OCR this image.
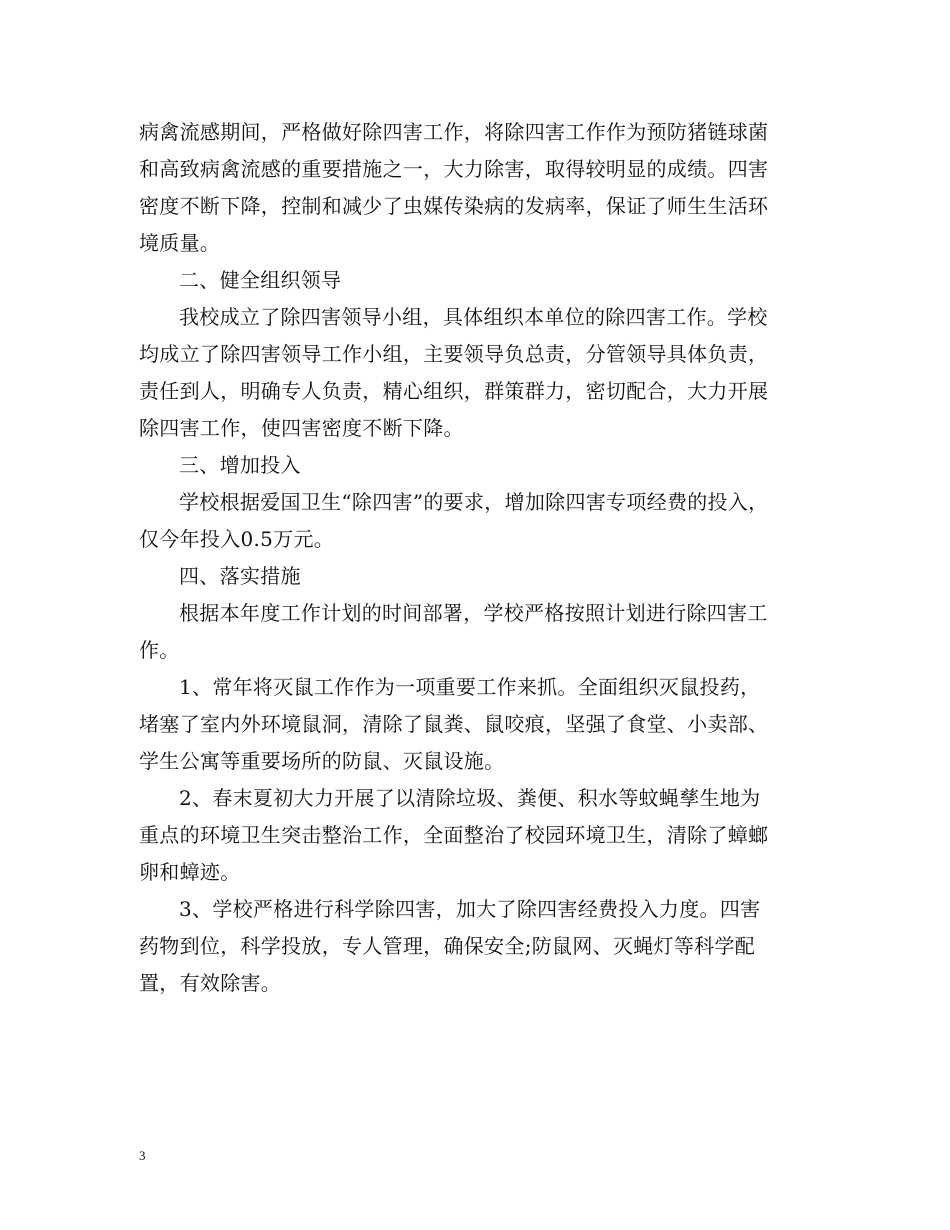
病禽流感期间，严格做好除四害工作，将除四害工作作为预防猪链球菌
和高致病禽流感的重要措施之一，大力除害，取得较明显的成绩。四害
密度不断下降，控制和减少了虫媒传染病的发病率，保证了师生生活环
境质量。
二、健全组织领导
我校成立了除四害领导小组，具体组织本单位的除四害工作。学校
均成立了除四害领导工作小组，主要领导负总责，分管领导具体负责，
责任到人，明确专人负责，精心组织，群策群力，密切配合，大力开展
除四害工作，使四害密度不断下降。
三、增加投入
学校根据爱国卫生“除四害”的要求，增加除四害专项经费的投入，
仅今年投入0.5万元。
四、落实措施
根据本年度工作计划的时间部署，学校严格按照计划进行除四害工
作。
1、常年将灭鼠工作作为一项重要工作来抓。全面组织灭鼠投药，
堵塞了室内外环境鼠洞，清除了鼠粪、鼠咬痕，坚强了食堂、小卖部、
学生公寓等重要场所的防鼠、灭鼠设施。
2、春末夏初大力开展了以清除垃圾、粪便、积水等蚊蝇孳生地为
重点的环境卫生突击整治工作，全面整治了校园环境卫生，清除了蟑螂
卵和蟑迹。
3、学校严格进行科学除四害，加大了除四害经费投入力度。四害
药物到位，科学投放，专人管理，确保安全;防鼠网、灭蝇灯等科学配
置，有效除害。
3
